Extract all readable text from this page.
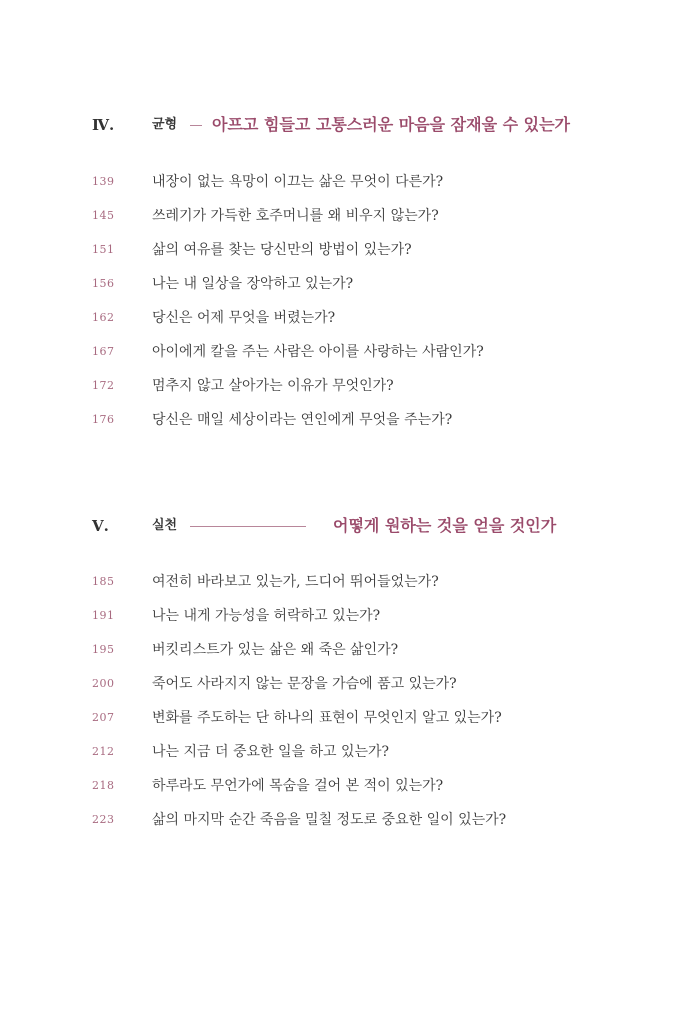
Ⅳ.	균형 아프고 힘들고 고통스러운 마음을 잠재울 수 있는가
139	내장이 없는 욕망이 이끄는 삶은 무엇이 다른가?
145	쓰레기가 가득한 호주머니를 왜 비우지 않는가?
151	삶의 여유를 찾는 당신만의 방법이 있는가?
156	나는 내 일상을 장악하고 있는가?
162	당신은 어제 무엇을 버렸는가?
167	아이에게 칼을 주는 사람은 아이를 사랑하는 사람인가?
172	멈추지 않고 살아가는 이유가 무엇인가?
176	당신은 매일 세상이라는 연인에게 무엇을 주는가?
Ⅴ.	실천	어떻게 원하는 것을 얻을 것인가
185	여전히 바라보고 있는가, 드디어 뛰어들었는가?
191	나는 내게 가능성을 허락하고 있는가?
195	버킷리스트가 있는 삶은 왜 죽은 삶인가?
200	죽어도 사라지지 않는 문장을 가슴에 품고 있는가?
207	변화를 주도하는 단 하나의 표현이 무엇인지 알고 있는가?
212	나는 지금 더 중요한 일을 하고 있는가?
218	하루라도 무언가에 목숨을 걸어 본 적이 있는가?
223	삶의 마지막 순간 죽음을 밀칠 정도로 중요한 일이 있는가?
